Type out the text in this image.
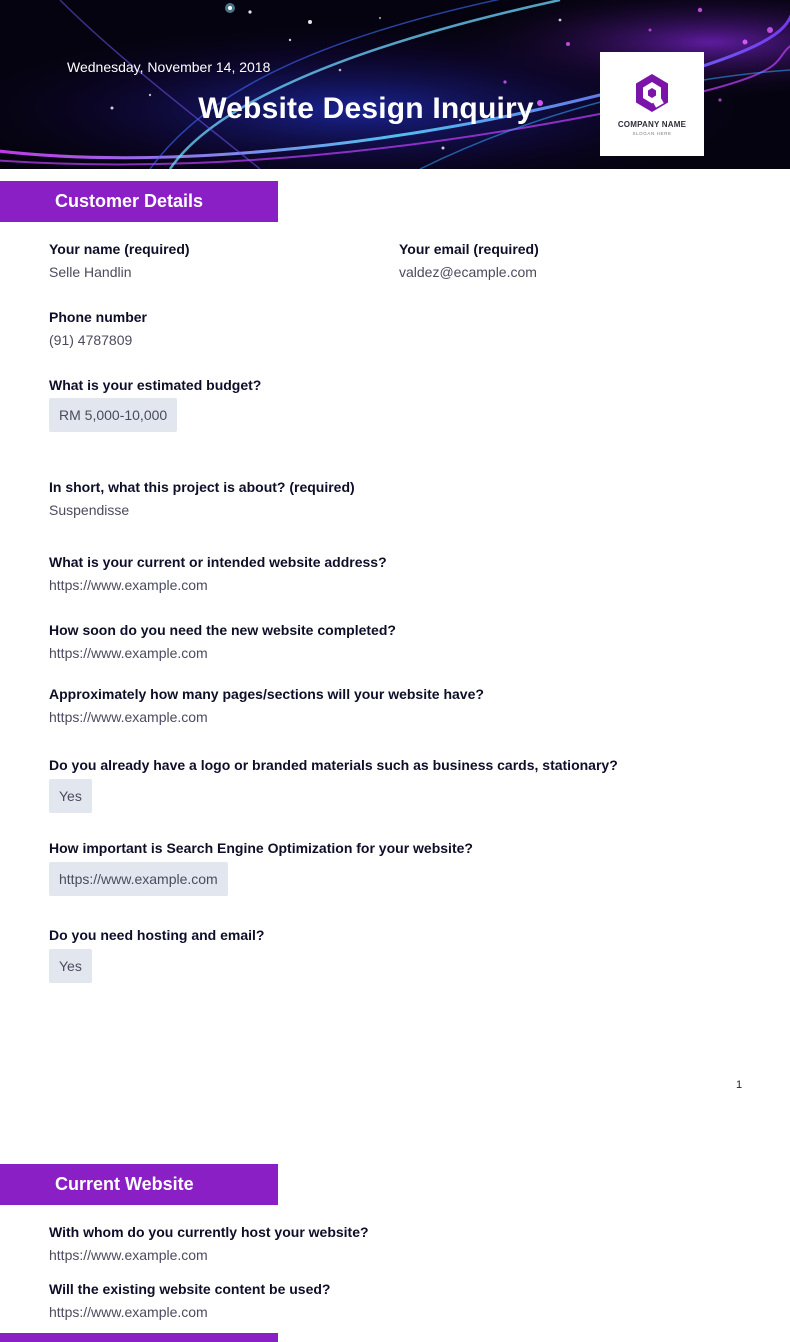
Wednesday, November 14, 2018
Website Design Inquiry	COMPANY NAME
SLOGAN HERE
Customer Details
Your name (required)
Selle Handlin
Your email (required)
valdez@ecample.com
Phone number
(91) 4787809
What is your estimated budget?
RM 5,000-10,000
In short, what this project is about? (required)
Suspendisse
What is your current or intended website address?
https://www.example.com
How soon do you need the new website completed?
https://www.example.com
Approximately how many pages/sections will your website have?
https://www.example.com
Do you already have a logo or branded materials such as business cards, stationary?
Yes
How important is Search Engine Optimization for your website?
https://www.example.com
Do you need hosting and email?
Yes
1
Current Website
With whom do you currently host your website?
https://www.example.com
Will the existing website content be used?
https://www.example.com
